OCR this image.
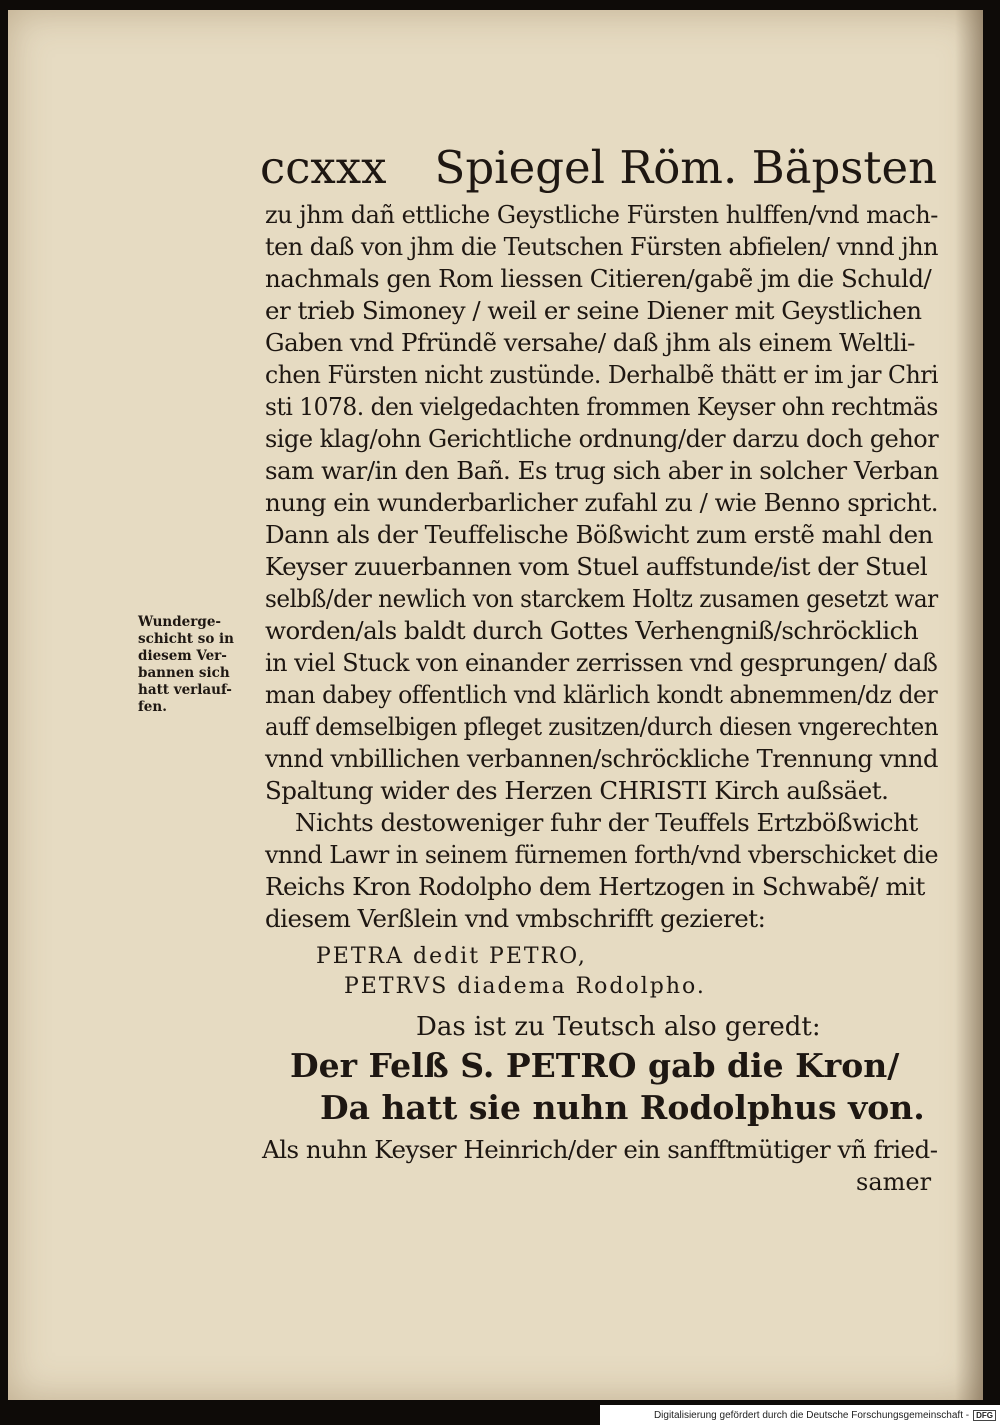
ccxxx Spiegel Röm. Bäpsten
zu jhm dañ ettliche Geystliche Fürsten hulffen/vnd mach-
ten daß von jhm die Teutschen Fürsten abfielen/ vnnd jhn
nachmals gen Rom liessen Citieren/gabẽ jm die Schuld/
er trieb Simoney / weil er seine Diener mit Geystlichen
Gaben vnd Pfründẽ versahe/ daß jhm als einem Weltli-
chen Fürsten nicht zustünde. Derhalbẽ thätt er im jar Chri
sti 1078. den vielgedachten frommen Keyser ohn rechtmäs
sige klag/ohn Gerichtliche ordnung/der darzu doch gehor
sam war/in den Bañ. Es trug sich aber in solcher Verban
nung ein wunderbarlicher zufahl zu / wie Benno spricht.
Dann als der Teuffelische Bößwicht zum erstẽ mahl den
Keyser zuuerbannen vom Stuel auffstunde/ist der Stuel
selbß/der newlich von starckem Holtz zusamen gesetzt war
worden/als baldt durch Gottes Verhengniß/schröcklich
in viel Stuck von einander zerrissen vnd gesprungen/ daß
man dabey offentlich vnd klärlich kondt abnemmen/dz der
auff demselbigen pfleget zusitzen/durch diesen vngerechten
vnnd vnbillichen verbannen/schröckliche Trennung vnnd
Spaltung wider des Herzen CHRISTI Kirch außsäet.
Nichts destoweniger fuhr der Teuffels Ertzbößwicht
vnnd Lawr in seinem fürnemen forth/vnd vberschicket die
Reichs Kron Rodolpho dem Hertzogen in Schwabẽ/ mit
diesem Verßlein vnd vmbschrifft gezieret:
Wunderge-
schicht so in
diesem Ver-
bannen sich
hatt verlauf-
fen.
PETRA dedit PETRO,
PETRVS diadema Rodolpho.
Das ist zu Teutsch also geredt:
Der Felß S. PETRO gab die Kron/
Da hatt sie nuhn Rodolphus von.
Als nuhn Keyser Heinrich/der ein sanfftmütiger vñ fried-
samer
Digitalisierung gefördert durch die Deutsche Forschungsgemeinschaft - DFG
